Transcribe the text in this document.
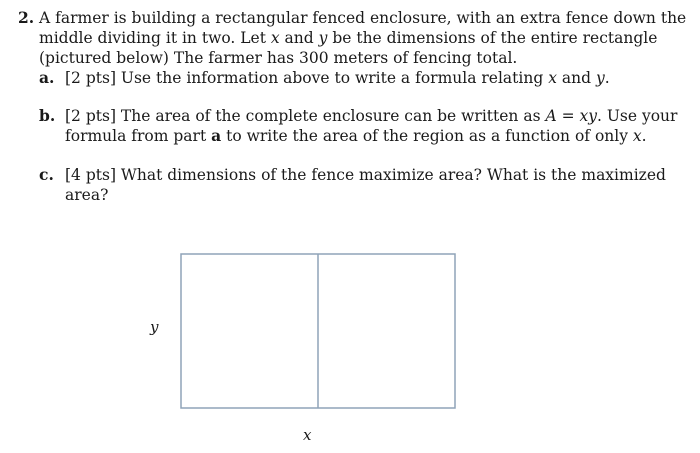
2. A farmer is building a rectangular fenced enclosure, with an extra fence down the middle dividing it in two. Let x and y be the dimensions of the entire rectangle (pictured below) The farmer has 300 meters of fencing total.
a. [2 pts] Use the information above to write a formula relating x and y.
b. [2 pts] The area of the complete enclosure can be written as A = xy. Use your formula from part a to write the area of the region as a function of only x.
c. [4 pts] What dimensions of the fence maximize area? What is the maximized area?
y
x
